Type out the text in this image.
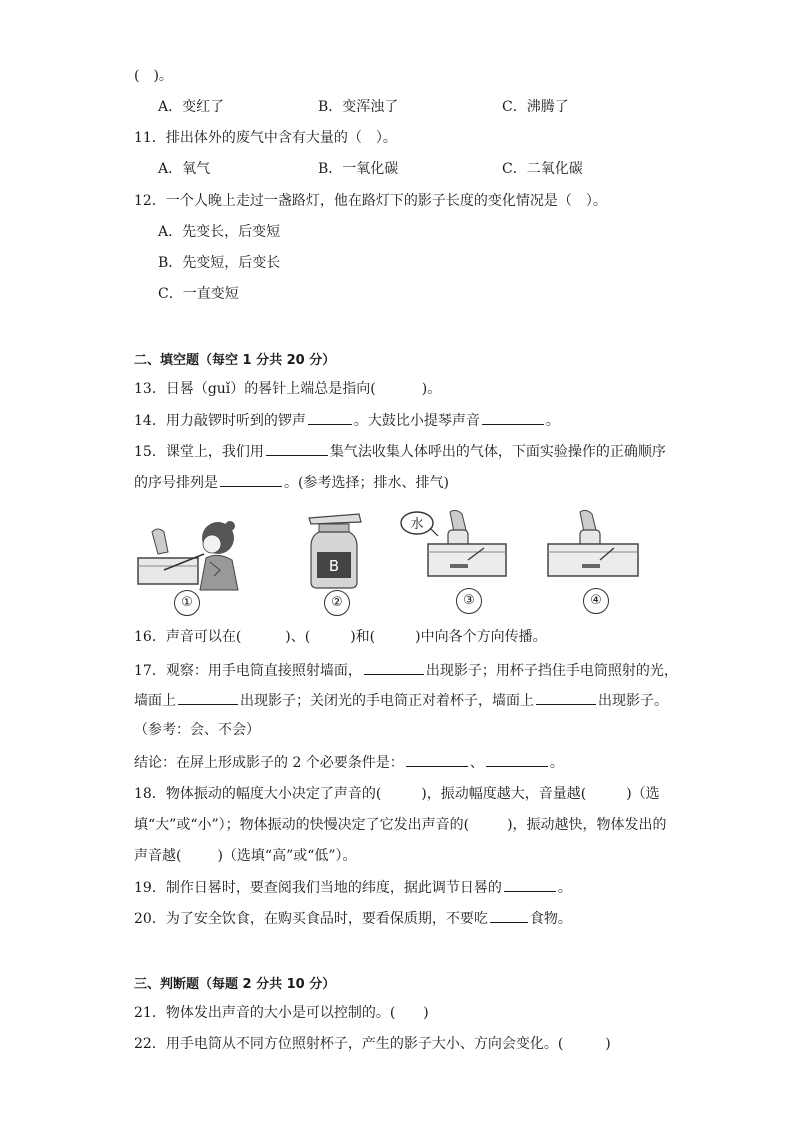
(　)。
A．变红了	B．变浑浊了	C．沸腾了
11．排出体外的废气中含有大量的（　）。
A．氧气	B．一氧化碳	C．二氧化碳
12．一个人晚上走过一盏路灯，他在路灯下的影子长度的变化情况是（　）。
A．先变长，后变短
B．先变短，后变长
C．一直变短
二、填空题（每空 1 分共 20 分）
13．日晷（guǐ）的晷针上端总是指向(	)。
14．用力敲锣时听到的锣声	。大鼓比小提琴声音	。
15．课堂上，我们用	集气法收集人体呼出的气体，下面实验操作的正确顺序
的序号排列是	。(参考选择；排水、排气)
①
B
②
水
③	④
16．声音可以在(	)、(	)和(	)中向各个方向传播。
17．观察：用手电筒直接照射墙面，	出现影子；用杯子挡住手电筒照射的光，
墙面上	出现影子；关闭光的手电筒正对着杯子，墙面上	出现影子。
（参考：会、不会）
结论：在屏上形成影子的 2 个必要条件是：	、	。
18．物体振动的幅度大小决定了声音的(	)，振动幅度越大，音量越(	)（选
填“大”或“小”）；物体振动的快慢决定了它发出声音的(	)，振动越快，物体发出的
声音越(	)（选填“高”或“低”）。
19．制作日晷时，要查阅我们当地的纬度，据此调节日晷的	。
20．为了安全饮食，在购买食品时，要看保质期，不要吃	食物。
三、判断题（每题 2 分共 10 分）
21．物体发出声音的大小是可以控制的。(　　)
22．用手电筒从不同方位照射杯子，产生的影子大小、方向会变化。(　　　)
